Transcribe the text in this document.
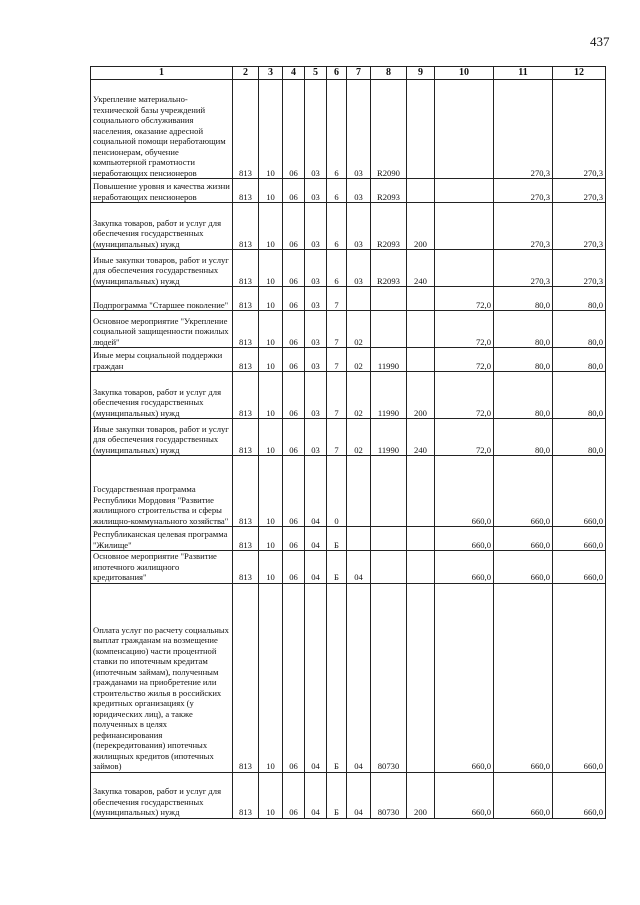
437
1	2	3	4	5	6	7	8	9	10	11	12
Укрепление материально-технической базы учреждений социального обслуживания населения, оказание адресной социальной помощи неработающим пенсионерам, обучение компьютерной грамотности неработающих пенсионеров	813	10	06	03	6	03	R2090			270,3	270,3
Повышение уровня и качества жизни неработающих пенсионеров	813	10	06	03	6	03	R2093			270,3	270,3
Закупка товаров, работ и услуг для обеспечения государственных (муниципальных) нужд	813	10	06	03	6	03	R2093	200		270,3	270,3
Иные закупки товаров, работ и услуг для обеспечения государственных (муниципальных) нужд	813	10	06	03	6	03	R2093	240		270,3	270,3
Подпрограмма "Старшее поколение"	813	10	06	03	7				72,0	80,0	80,0
Основное мероприятие "Укрепление социальной защищенности пожилых людей"	813	10	06	03	7	02			72,0	80,0	80,0
Иные меры социальной поддержки граждан	813	10	06	03	7	02	11990		72,0	80,0	80,0
Закупка товаров, работ и услуг для обеспечения государственных (муниципальных) нужд	813	10	06	03	7	02	11990	200	72,0	80,0	80,0
Иные закупки товаров, работ и услуг для обеспечения государственных (муниципальных) нужд	813	10	06	03	7	02	11990	240	72,0	80,0	80,0
Государственная программа Республики Мордовия "Развитие жилищного строительства и сферы жилищно-коммунального хозяйства"	813	10	06	04	0				660,0	660,0	660,0
Республиканская целевая программа "Жилище"	813	10	06	04	Б				660,0	660,0	660,0
Основное мероприятие "Развитие ипотечного жилищного кредитования"	813	10	06	04	Б	04			660,0	660,0	660,0
Оплата услуг по расчету социальных выплат гражданам на возмещение (компенсацию) части процентной ставки по ипотечным кредитам (ипотечным займам), полученным гражданами на приобретение или строительство жилья в российских кредитных организациях (у юридических лиц), а также полученных в целях рефинансирования (перекредитования) ипотечных жилищных кредитов (ипотечных займов)	813	10	06	04	Б	04	80730		660,0	660,0	660,0
Закупка товаров, работ и услуг для обеспечения государственных (муниципальных) нужд	813	10	06	04	Б	04	80730	200	660,0	660,0	660,0
